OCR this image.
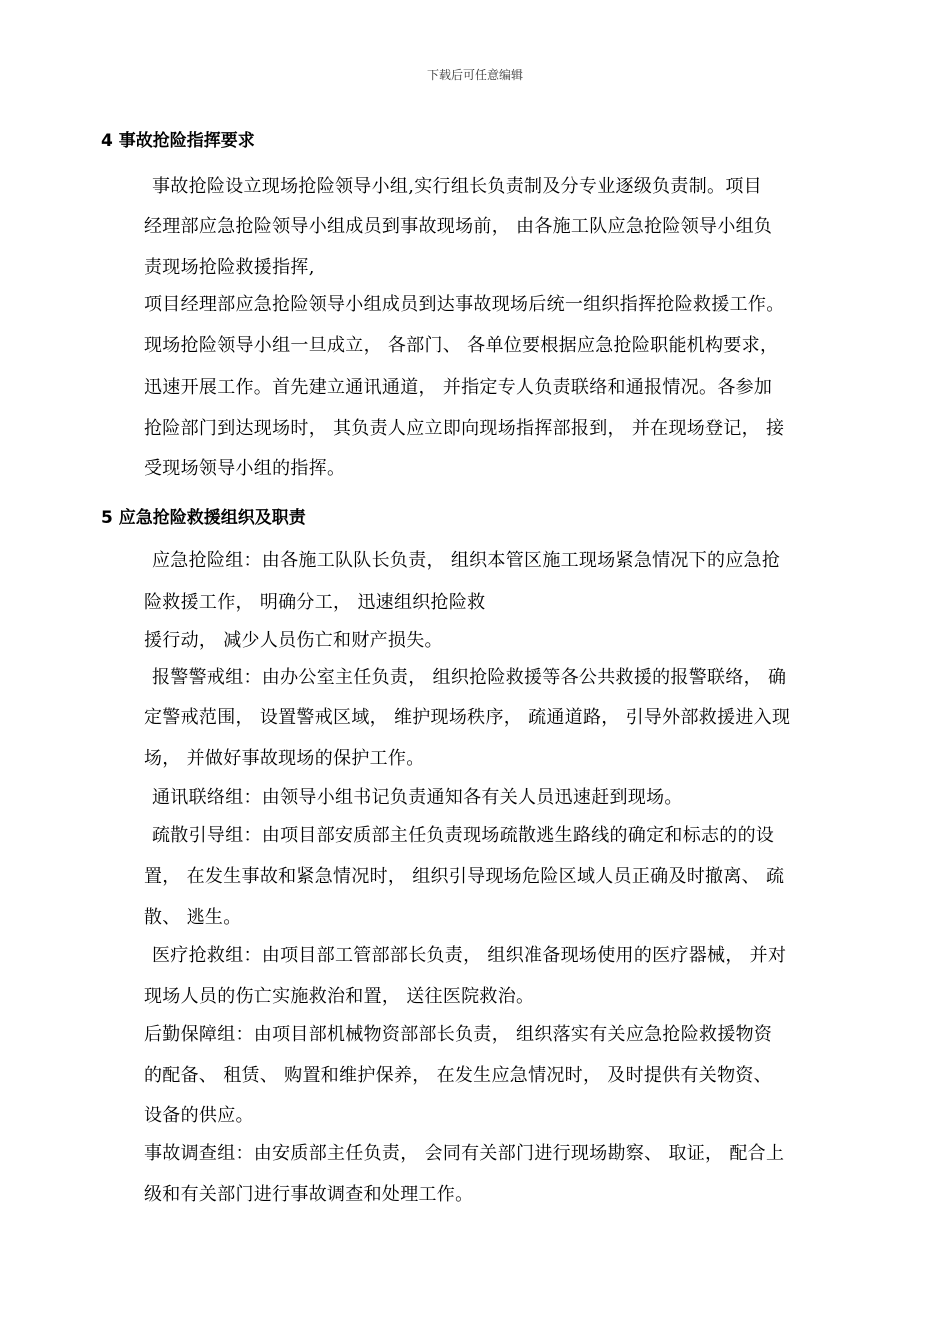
下载后可任意编辑
4 事故抢险指挥要求
事故抢险设立现场抢险领导小组,实行组长负责制及分专业逐级负责制。项目
经理部应急抢险领导小组成员到事故现场前， 由各施工队应急抢险领导小组负
责现场抢险救援指挥,
项目经理部应急抢险领导小组成员到达事故现场后统一组织指挥抢险救援工作。
现场抢险领导小组一旦成立， 各部门、 各单位要根据应急抢险职能机构要求，
迅速开展工作。首先建立通讯通道， 并指定专人负责联络和通报情况。各参加
抢险部门到达现场时， 其负责人应立即向现场指挥部报到， 并在现场登记， 接
受现场领导小组的指挥。
5 应急抢险救援组织及职责
应急抢险组：由各施工队队长负责， 组织本管区施工现场紧急情况下的应急抢
险救援工作， 明确分工， 迅速组织抢险救
援行动， 减少人员伤亡和财产损失。
报警警戒组：由办公室主任负责， 组织抢险救援等各公共救援的报警联络， 确
定警戒范围， 设置警戒区域， 维护现场秩序， 疏通道路， 引导外部救援进入现
场， 并做好事故现场的保护工作。
通讯联络组：由领导小组书记负责通知各有关人员迅速赶到现场。
疏散引导组：由项目部安质部主任负责现场疏散逃生路线的确定和标志的的设
置， 在发生事故和紧急情况时， 组织引导现场危险区域人员正确及时撤离、 疏
散、 逃生。
医疗抢救组：由项目部工管部部长负责， 组织准备现场使用的医疗器械， 并对
现场人员的伤亡实施救治和置， 送往医院救治。
后勤保障组：由项目部机械物资部部长负责， 组织落实有关应急抢险救援物资
的配备、 租赁、 购置和维护保养， 在发生应急情况时， 及时提供有关物资、
设备的供应。
事故调查组：由安质部主任负责， 会同有关部门进行现场勘察、 取证， 配合上
级和有关部门进行事故调查和处理工作。
